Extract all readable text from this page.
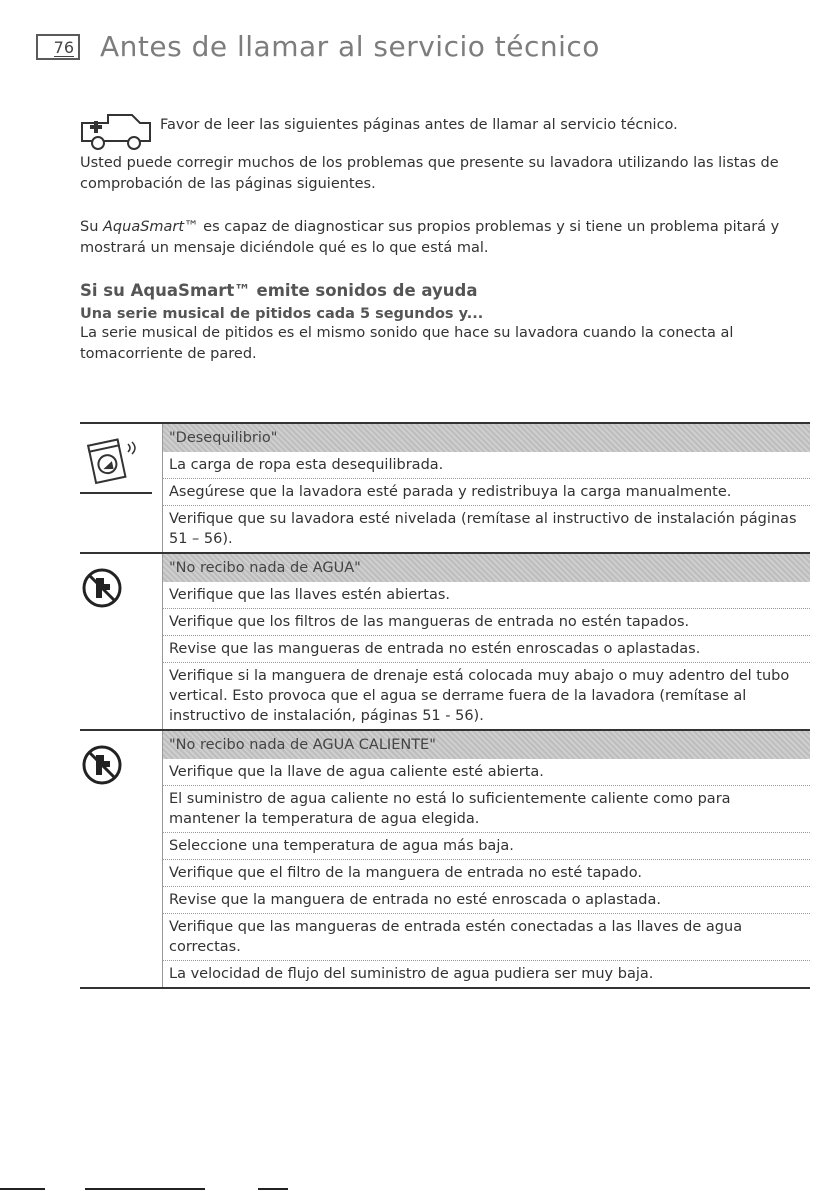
76 Antes de llamar al servicio técnico
Favor de leer las siguientes páginas antes de llamar al servicio técnico.

Usted puede corregir muchos de los problemas que presente su lavadora utilizando las listas de comprobación de las páginas siguientes.

Su AquaSmart™ es capaz de diagnosticar sus propios problemas y si tiene un problema pitará y mostrará un mensaje diciéndole qué es lo que está mal.

Si su AquaSmart™ emite sonidos de ayuda
Una serie musical de pitidos cada 5 segundos y...

La serie musical de pitidos es el mismo sonido que hace su lavadora cuando la conecta al tomacorriente de pared.

"Desequilibrio"
La carga de ropa esta desequilibrada.
Asegúrese que la lavadora esté parada y redistribuya la carga manualmente.
Verifique que su lavadora esté nivelada (remítase al instructivo de instalación páginas 51 – 56).
"No recibo nada de AGUA"
Verifique que las llaves estén abiertas.
Verifique que los filtros de las mangueras de entrada no estén tapados.
Revise que las mangueras de entrada no estén enroscadas o aplastadas.
Verifique si la manguera de drenaje está colocada muy abajo o muy adentro del tubo vertical. Esto provoca que el agua se derrame fuera de la lavadora (remítase al instructivo de instalación, páginas 51 - 56).
"No recibo nada de AGUA CALIENTE"
Verifique que la llave de agua caliente esté abierta.
El suministro de agua caliente no está lo suficientemente caliente como para mantener la temperatura de agua elegida.
Seleccione una temperatura de agua más baja.
Verifique que el filtro de la manguera de entrada no esté tapado.
Revise que la manguera de entrada no esté enroscada o aplastada.
Verifique que las mangueras de entrada estén conectadas a las llaves de agua correctas.
La velocidad de flujo del suministro de agua pudiera ser muy baja.
